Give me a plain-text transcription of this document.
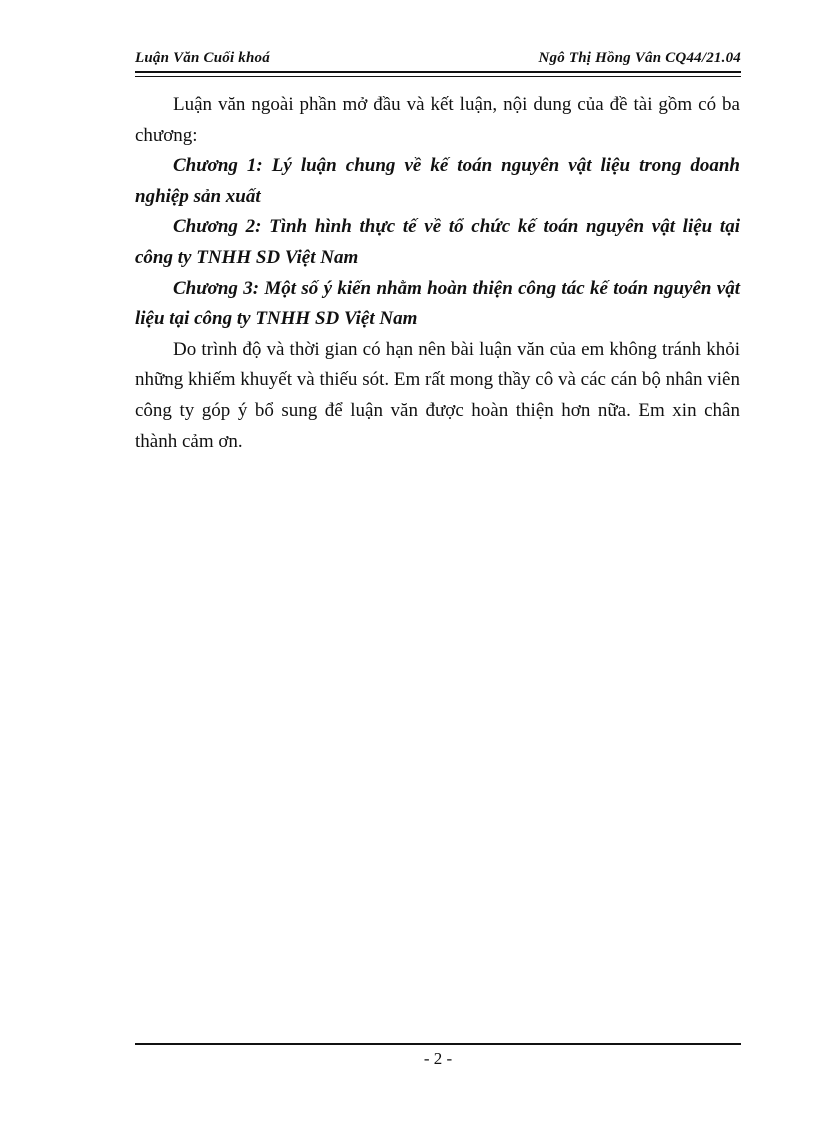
Luận Văn Cuối khoá	Ngô Thị Hồng Vân CQ44/21.04

Luận văn ngoài phần mở đầu và kết luận, nội dung của đề tài gồm có ba chương:

Chương 1: Lý luận chung về kế toán nguyên vật liệu trong doanh nghiệp sản xuất

Chương 2: Tình hình thực tế về tổ chức kế toán nguyên vật liệu tại công ty TNHH SD Việt Nam

Chương 3: Một số ý kiến nhằm hoàn thiện công tác kế toán nguyên vật liệu tại công ty TNHH SD Việt Nam

Do trình độ và thời gian có hạn nên bài luận văn của em không tránh khỏi những khiếm khuyết và thiếu sót. Em rất mong thầy cô và các cán bộ nhân viên công ty góp ý bổ sung để luận văn được hoàn thiện hơn nữa. Em xin chân thành cảm ơn.

- 2 -
